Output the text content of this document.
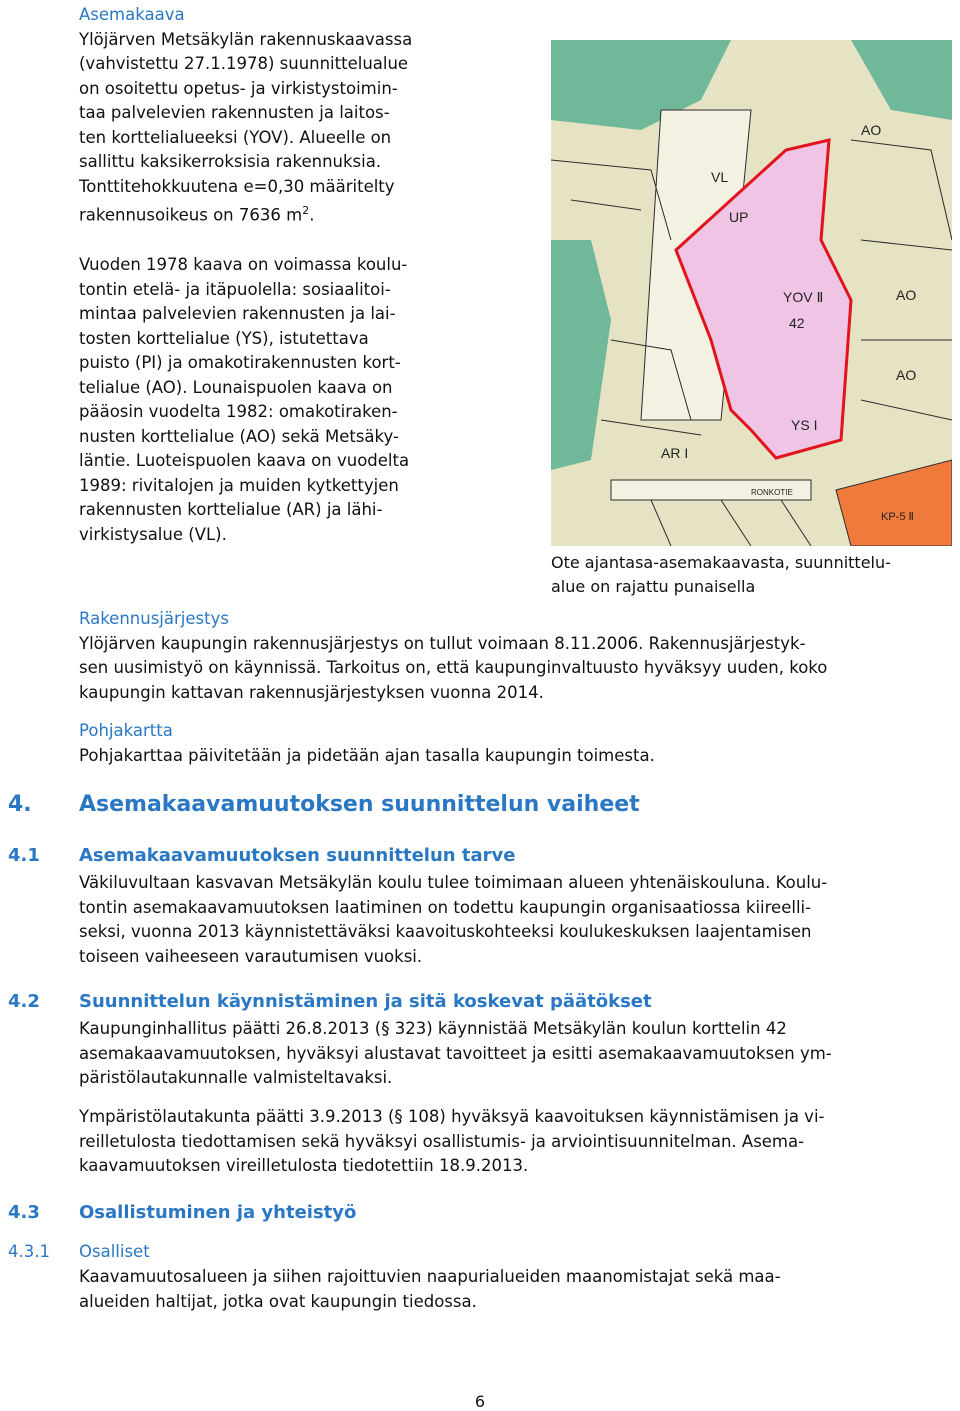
Asemakaava
Ylöjärven Metsäkylän rakennuskaavassa
(vahvistettu 27.1.1978) suunnittelualue
on osoitettu opetus- ja virkistystoimin-
taa palvelevien rakennusten ja laitos-
ten korttelialueeksi (YOV). Alueelle on
sallittu kaksikerroksisia rakennuksia.
Tonttitehokkuutena e=0,30 määritelty
rakennusoikeus on 7636 $m^2$.
Vuoden 1978 kaava on voimassa koulu-
tontin etelä- ja itäpuolella: sosiaalitoi-
mintaa palvelevien rakennusten ja lai-
tosten korttelialue (YS), istutettava
puisto (PI) ja omakotirakennusten kort-
telialue (AO). Lounaispuolen kaava on
pääosin vuodelta 1982: omakotiraken-
nusten korttelialue (AO) sekä Metsäky-
läntie. Luoteispuolen kaava on vuodelta
1989: rivitalojen ja muiden kytkettyjen
rakennusten korttelialue (AR) ja lähi-
virkistysalue (VL).
VL
UP
YOV Ⅱ
42
YS I
AR I
AO
AO
AO
KP-5 Ⅱ
RONKOTIE
Ote ajantasa-asemakaavasta, suunnittelu-
alue on rajattu punaisella
Rakennusjärjestys
Ylöjärven kaupungin rakennusjärjestys on tullut voimaan 8.11.2006. Rakennusjärjestyk-
sen uusimistyö on käynnissä. Tarkoitus on, että kaupunginvaltuusto hyväksyy uuden, koko
kaupungin kattavan rakennusjärjestyksen vuonna 2014.
Pohjakartta
Pohjakarttaa päivitetään ja pidetään ajan tasalla kaupungin toimesta.
4. Asemakaavamuutoksen suunnittelun vaiheet
4.1 Asemakaavamuutoksen suunnittelun tarve
Väkiluvultaan kasvavan Metsäkylän koulu tulee toimimaan alueen yhtenäiskouluna. Koulu-
tontin asemakaavamuutoksen laatiminen on todettu kaupungin organisaatiossa kiireelli-
seksi, vuonna 2013 käynnistettäväksi kaavoituskohteeksi koulukeskuksen laajentamisen
toiseen vaiheeseen varautumisen vuoksi.
4.2 Suunnittelun käynnistäminen ja sitä koskevat päätökset
Kaupunginhallitus päätti 26.8.2013 (§ 323) käynnistää Metsäkylän koulun korttelin 42
asemakaavamuutoksen, hyväksyi alustavat tavoitteet ja esitti asemakaavamuutoksen ym-
päristölautakunnalle valmisteltavaksi.
Ympäristölautakunta päätti 3.9.2013 (§ 108) hyväksyä kaavoituksen käynnistämisen ja vi-
reilletulosta tiedottamisen sekä hyväksyi osallistumis- ja arviointisuunnitelman. Asema-
kaavamuutoksen vireilletulosta tiedotettiin 18.9.2013.
4.3 Osallistuminen ja yhteistyö
4.3.1 Osalliset
Kaavamuutosalueen ja siihen rajoittuvien naapurialueiden maanomistajat sekä maa-
alueiden haltijat, jotka ovat kaupungin tiedossa.
6
